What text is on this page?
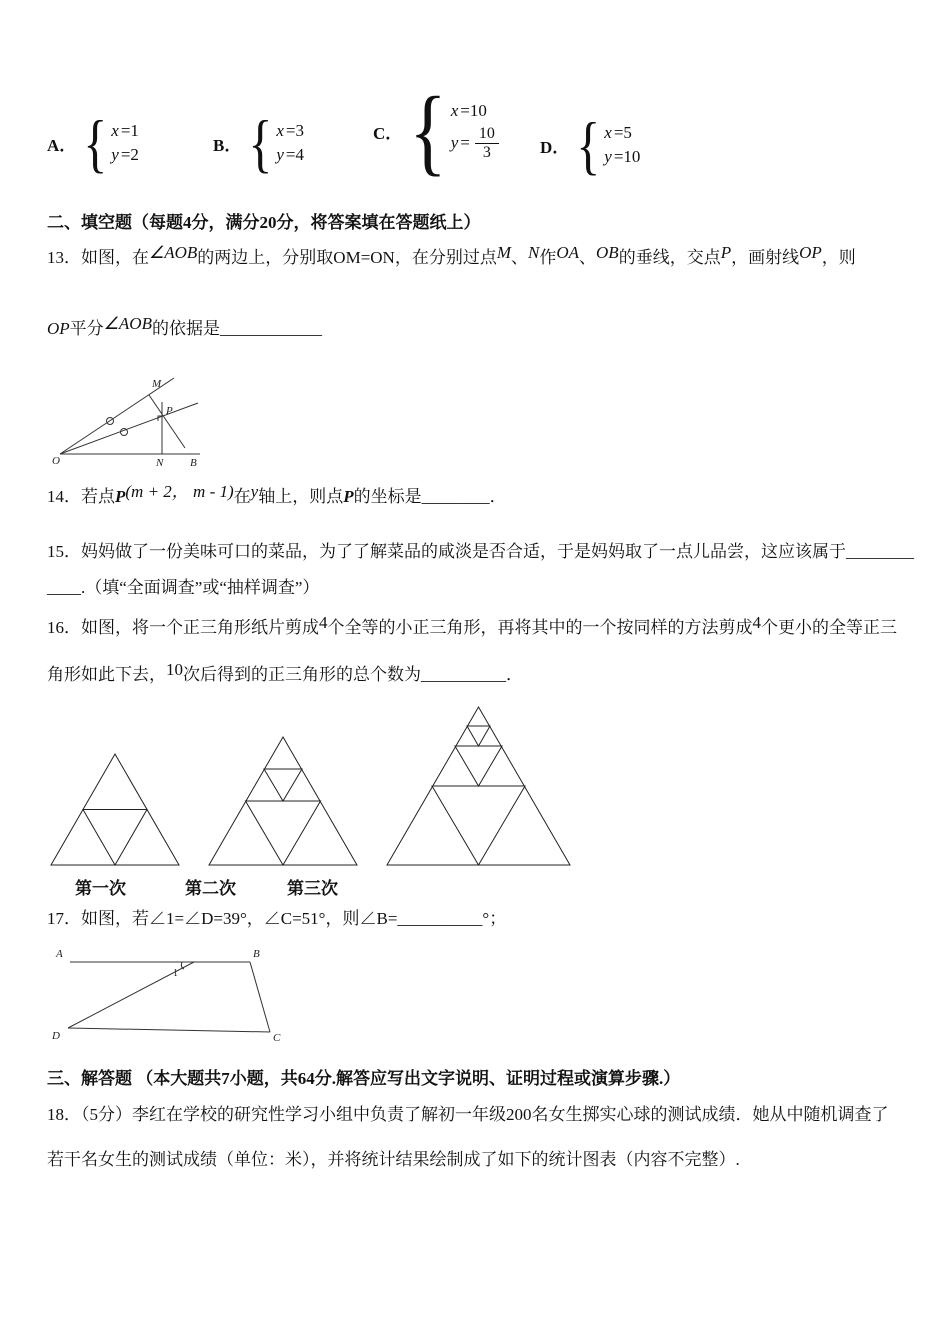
A． { x =1
y =2	B． { x =3
y =4
C． { x =10
$y = \frac{10}{3}$ D． { x =5
y =10
二、填空题（每题4分，满分20分，将答案填在答题纸上）
13．如图，在∠AOB的两边上，分别取OM=ON，在分别过点M、N作OA、OB的垂线，交点P，画射线OP，则
OP平分∠AOB的依据是____________
O
M
N B
P
14．若点P(m + 2， m - 1)在y轴上，则点P的坐标是________．
15．妈妈做了一份美味可口的菜品，为了了解菜品的咸淡是否合适，于是妈妈取了一点儿品尝，这应该属于________
____.（填“全面调查”或“抽样调查”）
16．如图，将一个正三角形纸片剪成4个全等的小正三角形，再将其中的一个按同样的方法剪成4个更小的全等正三
角形如此下去，10次后得到的正三角形的总个数为__________．
第一次	第二次	第三次
17．如图，若∠1=∠D=39°，∠C=51°，则∠B=__________°；
A	B
C
D
1
三、解答题 （本大题共7小题，共64分.解答应写出文字说明、证明过程或演算步骤.）
18．（5分）李红在学校的研究性学习小组中负责了解初一年级200名女生掷实心球的测试成绩．她从中随机调查了
若干名女生的测试成绩（单位：米），并将统计结果绘制成了如下的统计图表（内容不完整）.
